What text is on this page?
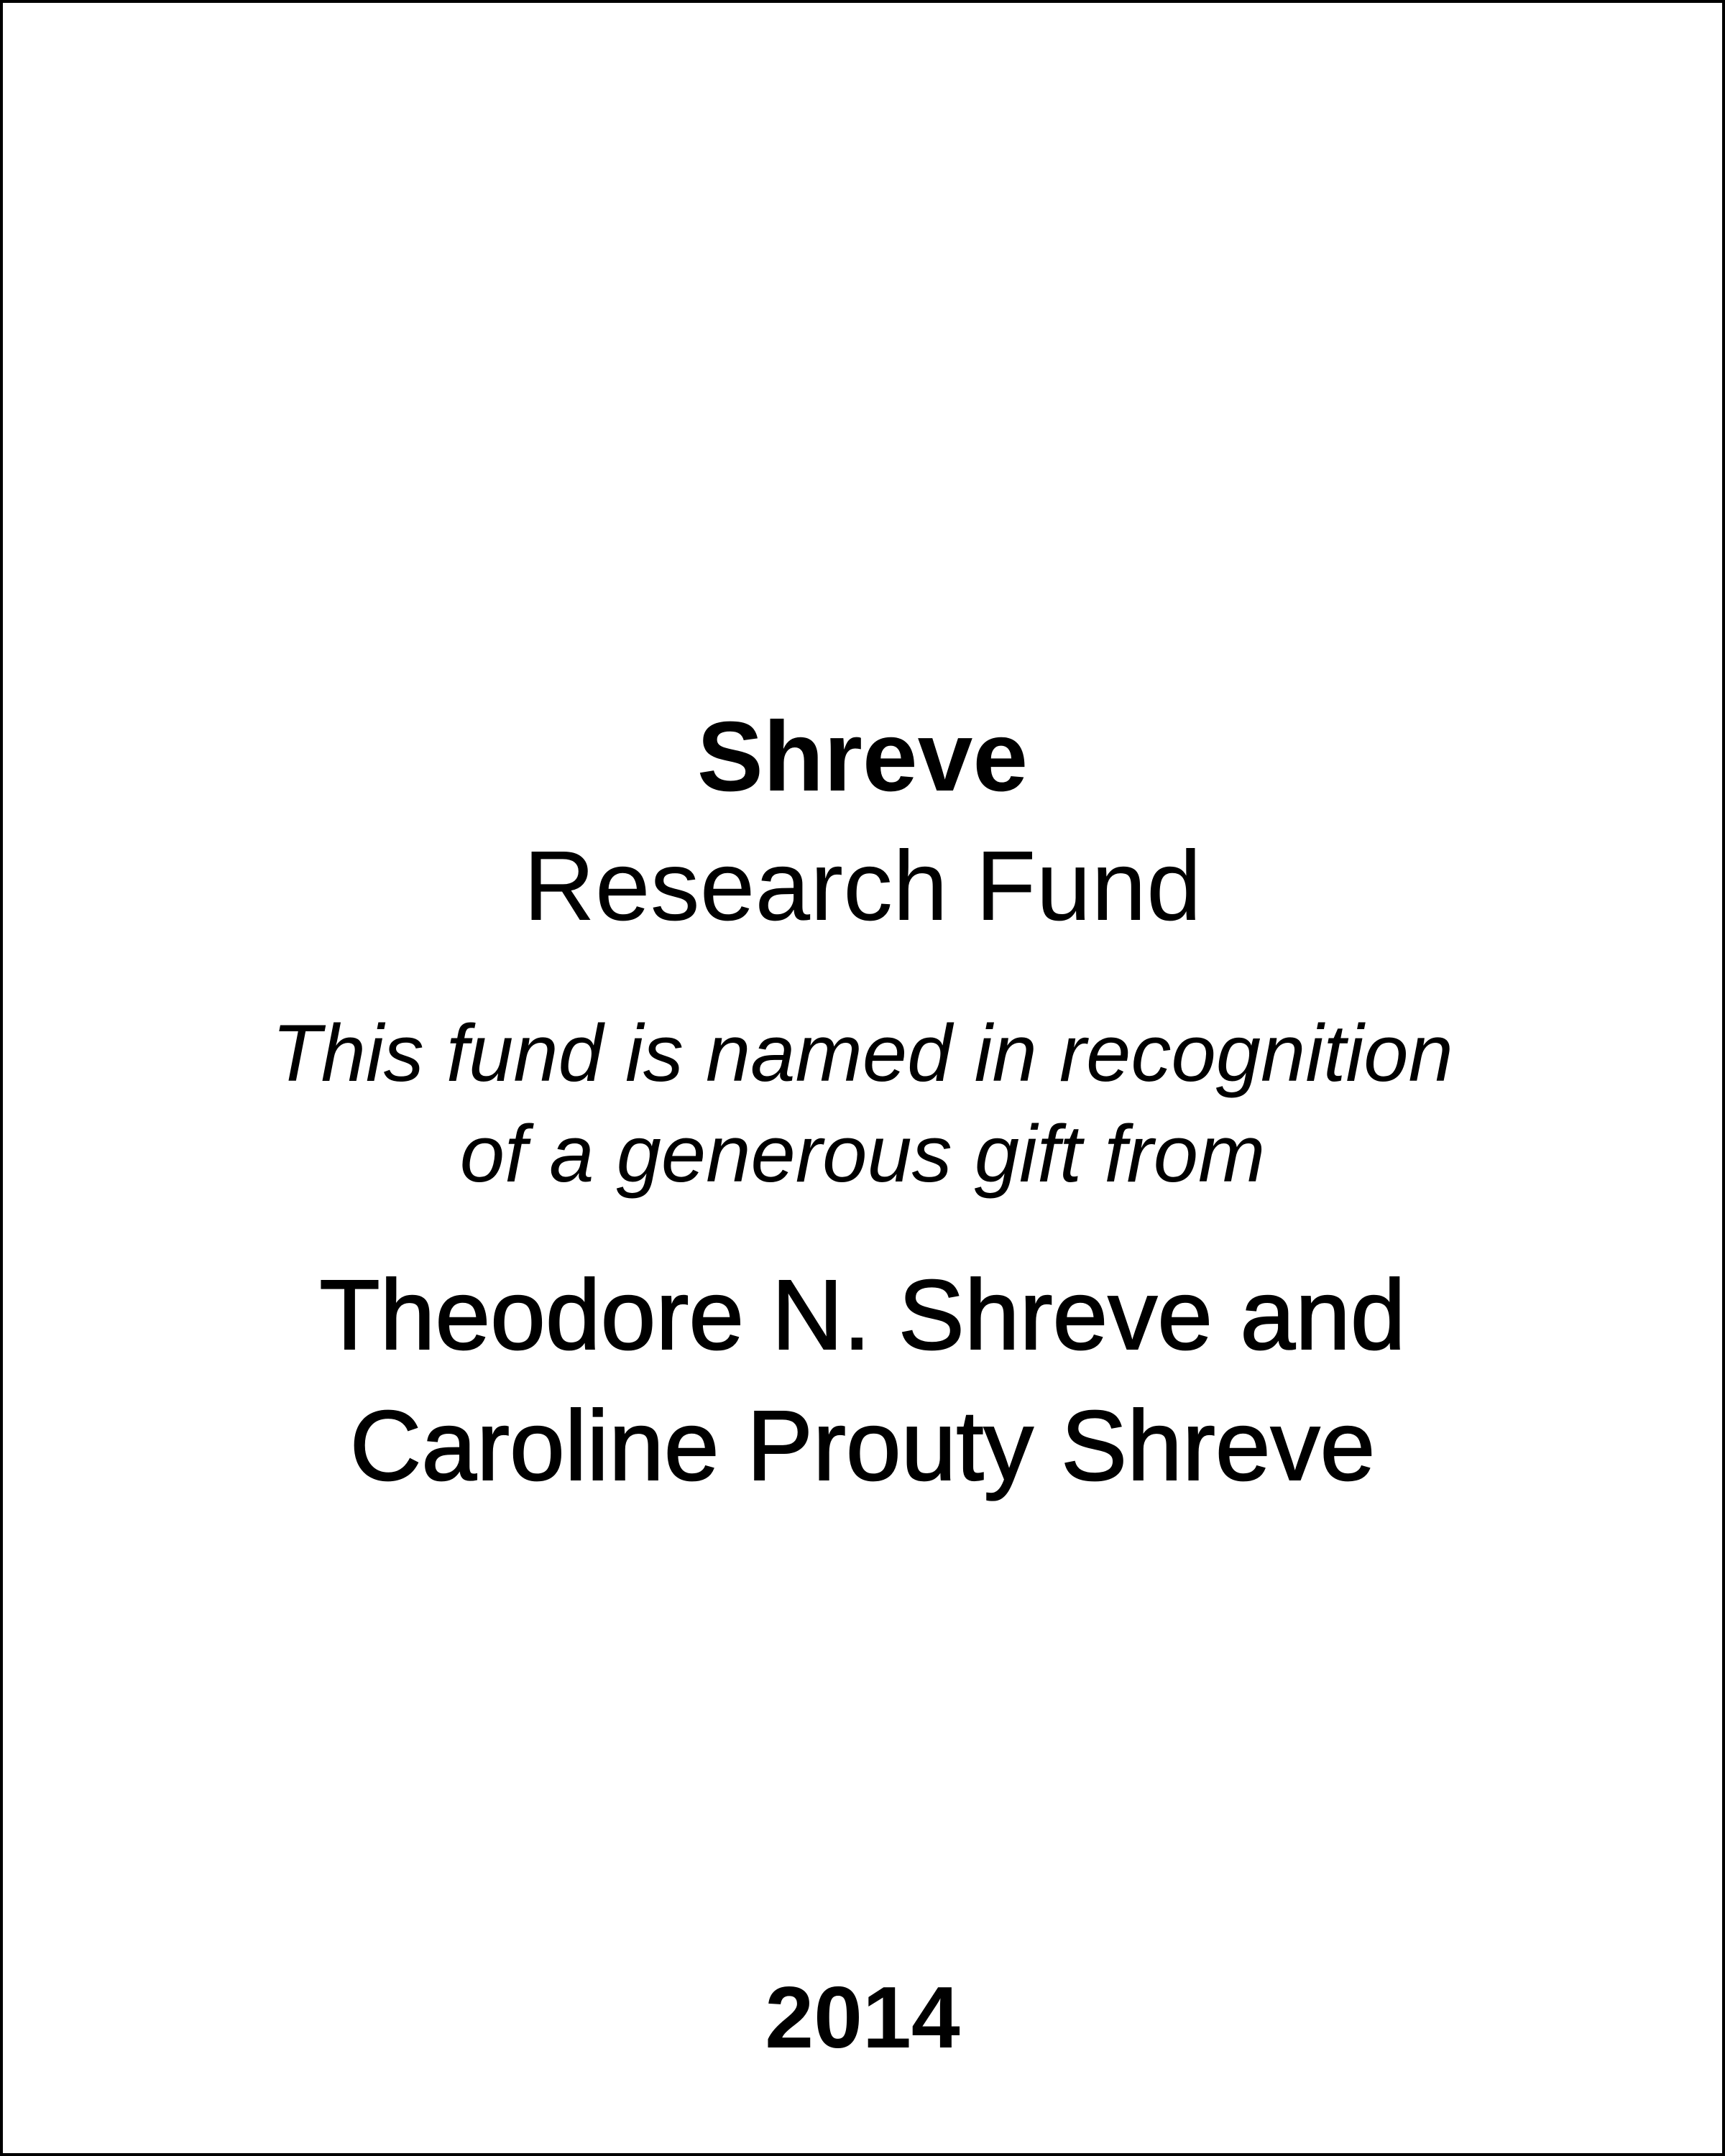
Shreve
Research Fund
This fund is named in recognition
of a generous gift from
Theodore N. Shreve and
Caroline Prouty Shreve
2014
